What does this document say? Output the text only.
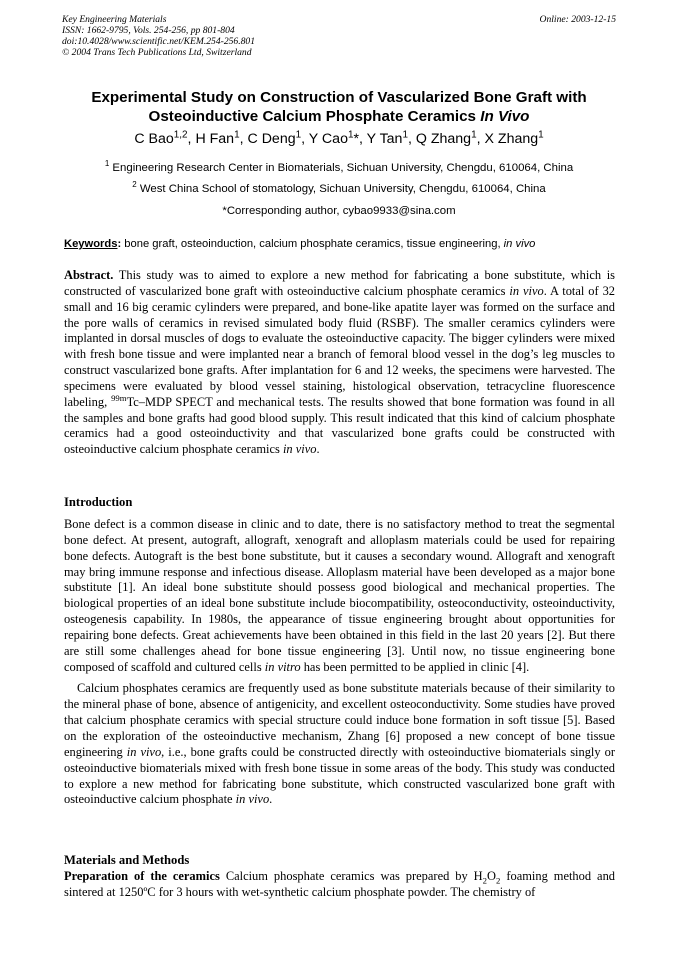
Key Engineering Materials
ISSN: 1662-9795, Vols. 254-256, pp 801-804
doi:10.4028/www.scientific.net/KEM.254-256.801
© 2004 Trans Tech Publications Ltd, Switzerland
Online: 2003-12-15
Experimental Study on Construction of Vascularized Bone Graft with
Osteoinductive Calcium Phosphate Ceramics In Vivo
C Bao$^{1,2}$, H Fan$^1$, C Deng$^1$, Y Cao$^1$*, Y Tan$^1$, Q Zhang$^1$, X Zhang$^1$
$^1$ Engineering Research Center in Biomaterials, Sichuan University, Chengdu, 610064, China
$^2$ West China School of stomatology, Sichuan University, Chengdu, 610064, China
*Corresponding author, cybao9933@sina.com
Keywords: bone graft, osteoinduction, calcium phosphate ceramics, tissue engineering, in vivo

Abstract. This study was to aimed to explore a new method for fabricating a bone substitute, which is constructed of vascularized bone graft with osteoinductive calcium phosphate ceramics in vivo. A total of 32 small and 16 big ceramic cylinders were prepared, and bone-like apatite layer was formed on the surface and the pore walls of ceramics in revised simulated body fluid (RSBF). The smaller ceramics cylinders were implanted in dorsal muscles of dogs to evaluate the osteoinductive capacity. The bigger cylinders were mixed with fresh bone tissue and were implanted near a branch of femoral blood vessel in the dog’s leg muscles to construct vascularized bone grafts. After implantation for 6 and 12 weeks, the specimens were harvested. The specimens were evaluated by blood vessel staining, histological observation, tetracycline fluorescence labeling, $^{99m}$Tc–MDP SPECT and mechanical tests. The results showed that bone formation was found in all the samples and bone grafts had good blood supply. This result indicated that this kind of calcium phosphate ceramics had a good osteoinductivity and that vascularized bone grafts could be constructed with osteoinductive calcium phosphate ceramics in vivo.

Introduction

Bone defect is a common disease in clinic and to date, there is no satisfactory method to treat the segmental bone defect. At present, autograft, allograft, xenograft and alloplasm materials could be used for repairing bone defects. Autograft is the best bone substitute, but it causes a secondary wound. Allograft and xenograft may bring immune response and infectious disease. Alloplasm material have been developed as a major bone substitute [1]. An ideal bone substitute should possess good biological and mechanical properties. The biological properties of an ideal bone substitute include biocompatibility, osteoconductivity, osteoinductivity, osteogenesis capability. In 1980s, the appearance of tissue engineering brought about opportunities for repairing bone defects. Great achievements have been obtained in this field in the last 20 years [2]. But there are still some challenges ahead for bone tissue engineering [3]. Until now, no tissue engineering bone composed of scaffold and cultured cells in vitro has been permitted to be applied in clinic [4].

Calcium phosphates ceramics are frequently used as bone substitute materials because of their similarity to the mineral phase of bone, absence of antigenicity, and excellent osteoconductivity. Some studies have proved that calcium phosphate ceramics with special structure could induce bone formation in soft tissue [5]. Based on the exploration of the osteoinductive mechanism, Zhang [6] proposed a new concept of bone tissue engineering in vivo, i.e., bone grafts could be constructed directly with osteoinductive biomaterials singly or osteoinductive biomaterials mixed with fresh bone tissue in some areas of the body. This study was conducted to explore a new method for fabricating bone substitute, which constructed vascularized bone graft with osteoinductive calcium phosphate in vivo.

Materials and Methods

Preparation of the ceramics Calcium phosphate ceramics was prepared by $H_2O_2$ foaming method and sintered at 1250ºC for 3 hours with wet-synthetic calcium phosphate powder. The chemistry of
